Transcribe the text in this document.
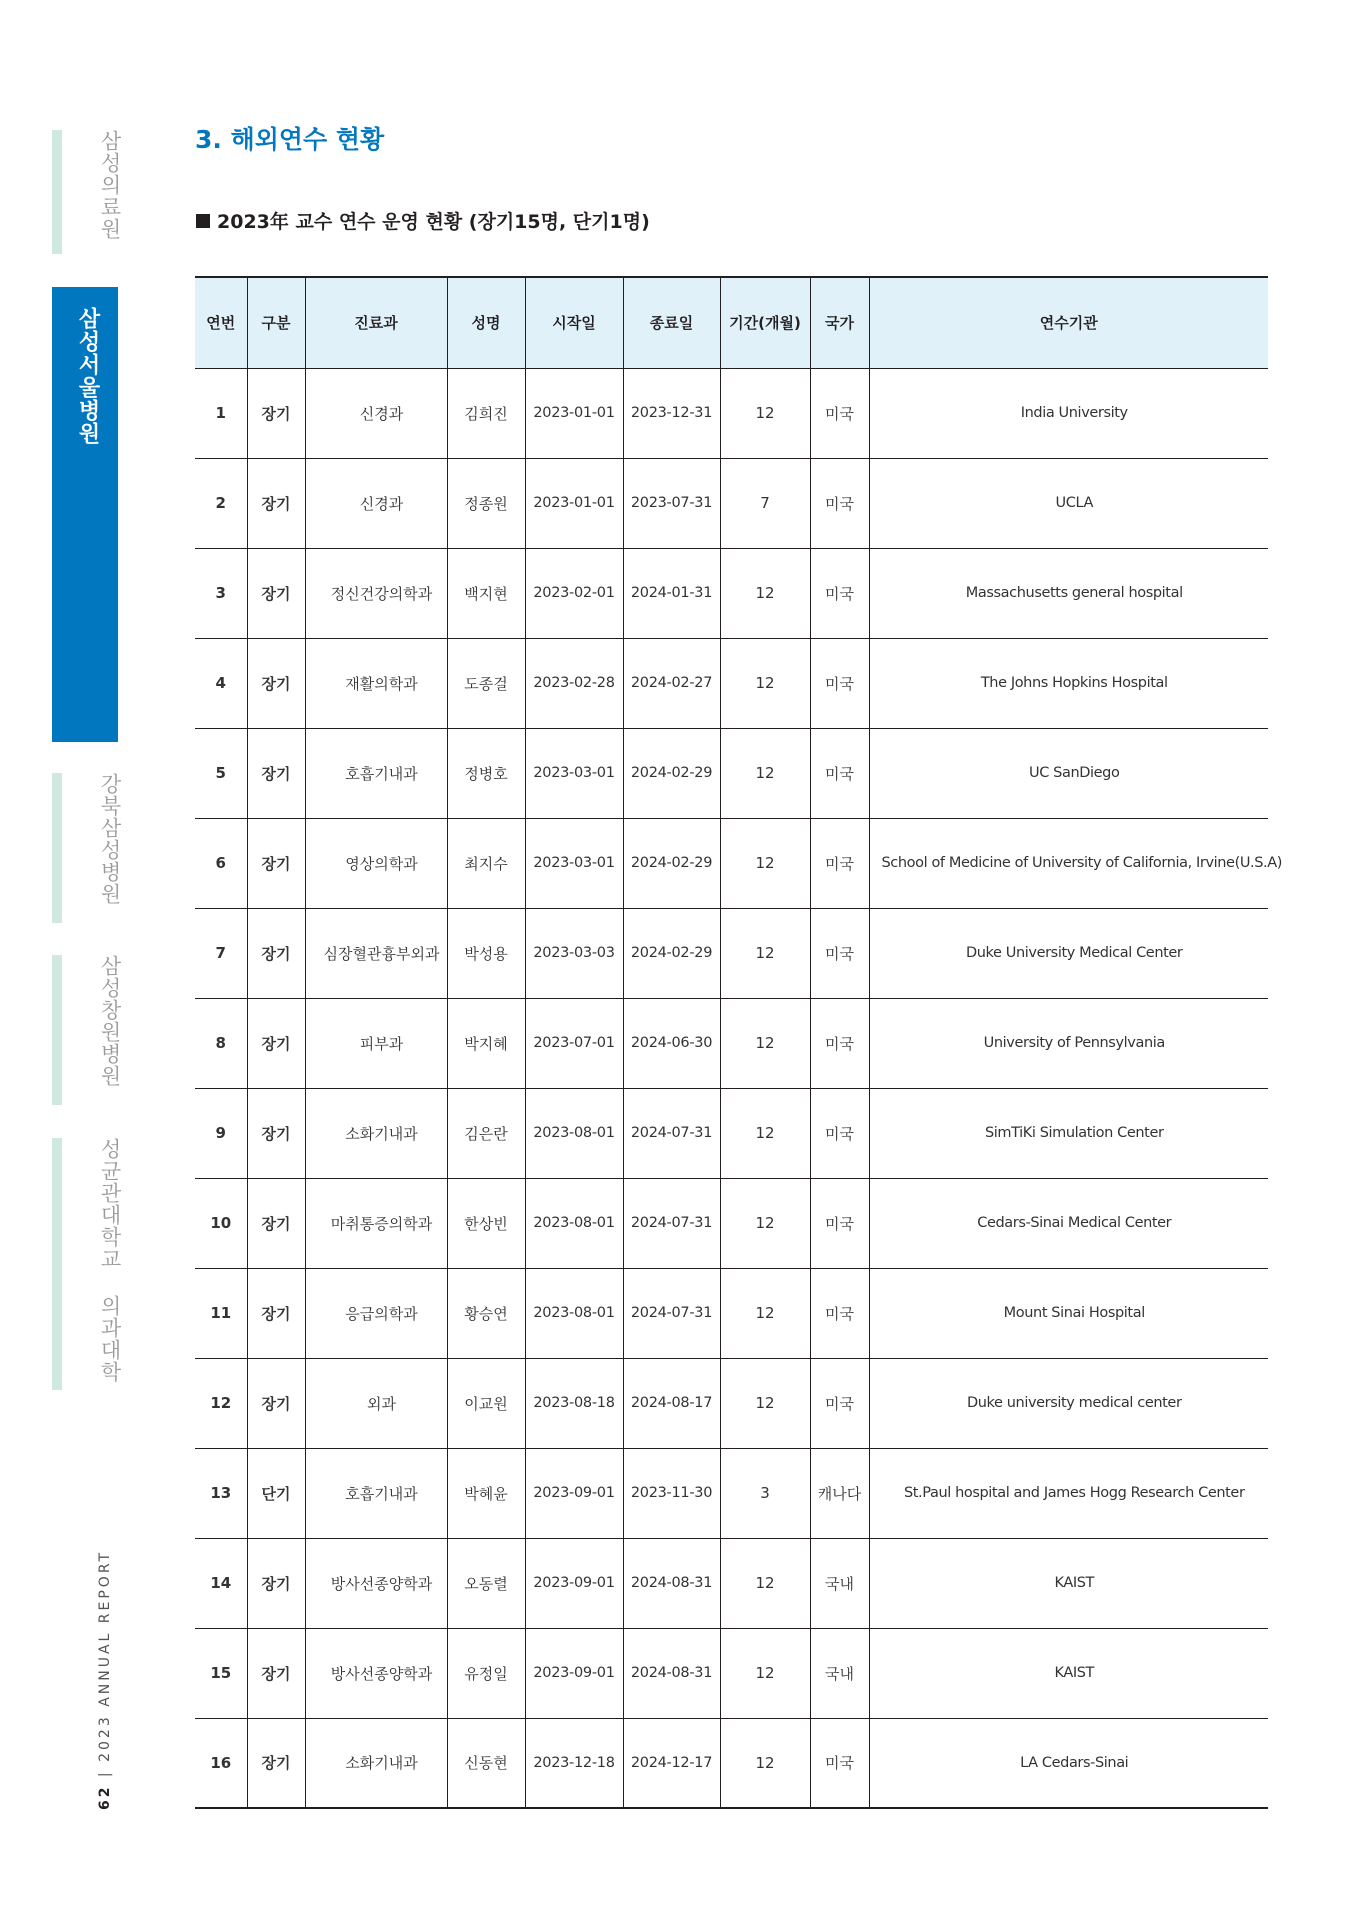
삼성의료원
삼성서울병원
강북삼성병원
삼성창원병원
성균관대학교 의과대학
62 | 2023 ANNUAL REPORT
3. 해외연수 현황
2023年 교수 연수 운영 현황 (장기15명, 단기1명)
연번	구분	진료과	성명	시작일	종료일	기간(개월)	국가	연수기관
1	장기	신경과	김희진	2023-01-01	2023-12-31	12	미국	India University
2	장기	신경과	정종원	2023-01-01	2023-07-31	7	미국	UCLA
3	장기	정신건강의학과	백지현	2023-02-01	2024-01-31	12	미국	Massachusetts general hospital
4	장기	재활의학과	도종걸	2023-02-28	2024-02-27	12	미국	The Johns Hopkins Hospital
5	장기	호흡기내과	정병호	2023-03-01	2024-02-29	12	미국	UC SanDiego
6	장기	영상의학과	최지수	2023-03-01	2024-02-29	12	미국	School of Medicine of University of California, Irvine(U.S.A)
7	장기	심장혈관흉부외과	박성용	2023-03-03	2024-02-29	12	미국	Duke University Medical Center
8	장기	피부과	박지혜	2023-07-01	2024-06-30	12	미국	University of Pennsylvania
9	장기	소화기내과	김은란	2023-08-01	2024-07-31	12	미국	SimTiKi Simulation Center
10	장기	마취통증의학과	한상빈	2023-08-01	2024-07-31	12	미국	Cedars-Sinai Medical Center
11	장기	응급의학과	황승연	2023-08-01	2024-07-31	12	미국	Mount Sinai Hospital
12	장기	외과	이교원	2023-08-18	2024-08-17	12	미국	Duke university medical center
13	단기	호흡기내과	박혜윤	2023-09-01	2023-11-30	3	캐나다	St.Paul hospital and James Hogg Research Center
14	장기	방사선종양학과	오동렬	2023-09-01	2024-08-31	12	국내	KAIST
15	장기	방사선종양학과	유정일	2023-09-01	2024-08-31	12	국내	KAIST
16	장기	소화기내과	신동현	2023-12-18	2024-12-17	12	미국	LA Cedars-Sinai
